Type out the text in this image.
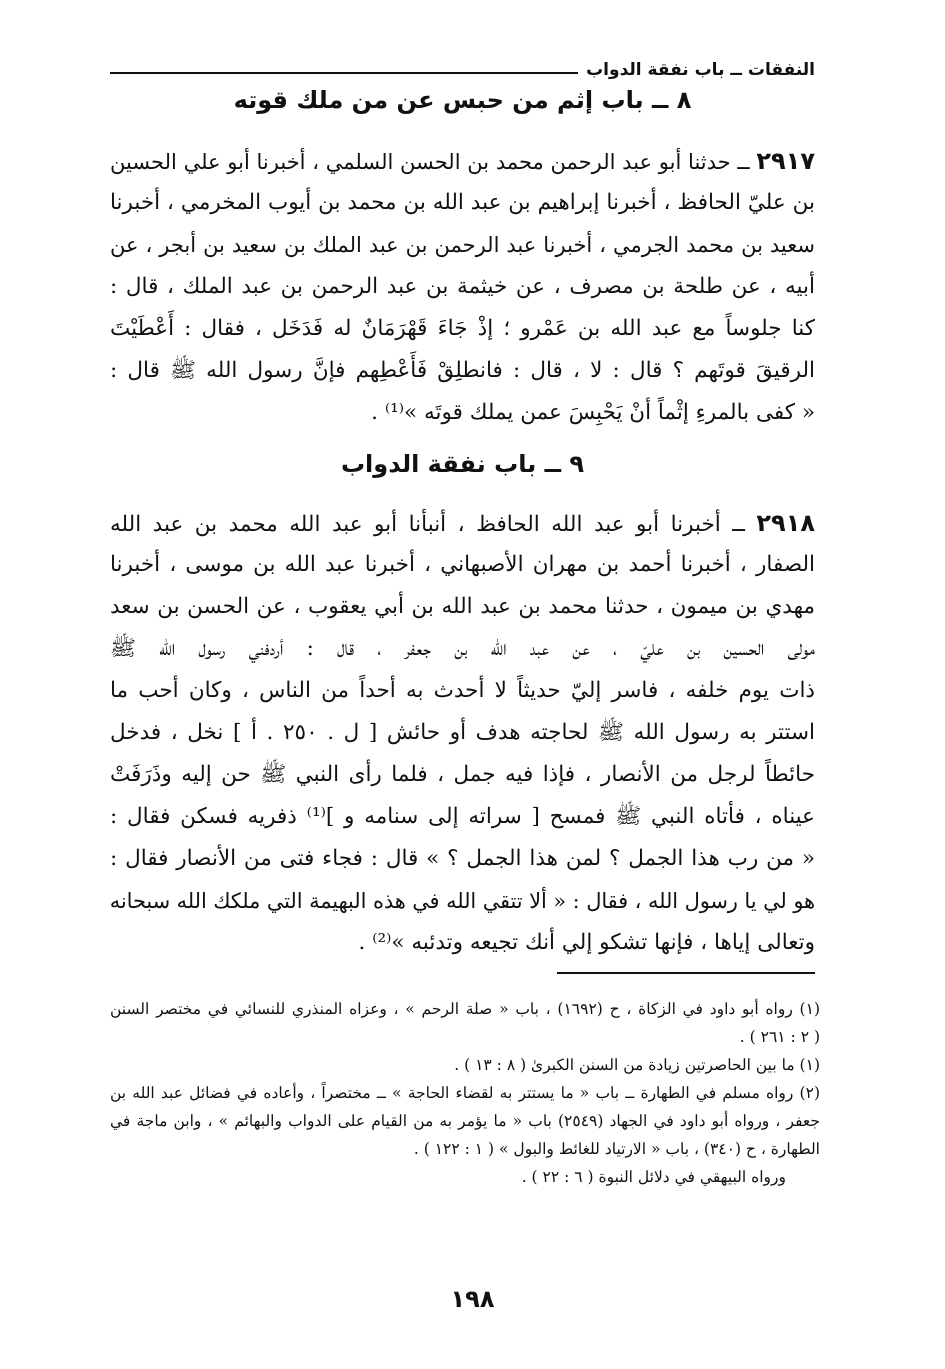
النفقات ــ باب نفقة الدواب
٨ ــ باب إثم من حبس عن من ملك قوته
٢٩١٧ ــ حدثنا أبو عبد الرحمن محمد بن الحسن السلمي ، أخبرنا أبو علي الحسين
بن عليّ الحافظ ، أخبرنا إبراهيم بن عبد الله بن محمد بن أيوب المخرمي ، أخبرنا
سعيد بن محمد الجرمي ، أخبرنا عبد الرحمن بن عبد الملك بن سعيد بن أبجر ، عن
أبيه ، عن طلحة بن مصرف ، عن خيثمة بن عبد الرحمن بن عبد الملك ، قال :
كنا جلوساً مع عبد الله بن عَمْرو ؛ إذْ جَاءَ قَهْرَمَانٌ له فَدَخَل ، فقال : أَعْطَيْتَ
الرقيقَ قوتَهم ؟ قال : لا ، قال : فانطلِقْ فَأَعْطِهم فإنَّ رسول الله ﷺ قال :
« كفى بالمرءِ إثْماً أنْ يَحْبِسَ عمن يملك قوتَه »⁽¹⁾ .
٩ ــ باب نفقة الدواب
٢٩١٨ ــ أخبرنا أبو عبد الله الحافظ ، أنبأنا أبو عبد الله محمد بن عبد الله
الصفار ، أخبرنا أحمد بن مهران الأصبهاني ، أخبرنا عبد الله بن موسى ، أخبرنا
مهدي بن ميمون ، حدثنا محمد بن عبد الله بن أبي يعقوب ، عن الحسن بن سعد
مولى الحسين بن عليّ ، عن عبد الله بن جعفر ، قال : أردفني رسول الله ﷺ
ذات يوم خلفه ، فاسر إليّ حديثاً لا أحدث به أحداً من الناس ، وكان أحب ما
استتر به رسول الله ﷺ لحاجته هدف أو حائش [ ل . ٢٥٠ . أ ] نخل ، فدخل
حائطاً لرجل من الأنصار ، فإذا فيه جمل ، فلما رأى النبي ﷺ حن إليه وذَرَفَتْ
عيناه ، فأتاه النبي ﷺ فمسح [ سراته إلى سنامه و ]⁽¹⁾ ذفريه فسكن فقال :
« من رب هذا الجمل ؟ لمن هذا الجمل ؟ » قال : فجاء فتى من الأنصار فقال :
هو لي يا رسول الله ، فقال : « ألا تتقي الله في هذه البهيمة التي ملكك الله سبحانه
وتعالى إياها ، فإنها تشكو إلي أنك تجيعه وتدئبه »⁽²⁾ .
(١) رواه أبو داود في الزكاة ، ح (١٦٩٢) ، باب « صلة الرحم » ، وعزاه المنذري للنسائي في مختصر السنن
( ٢ : ٢٦١ ) .
(١) ما بين الحاصرتين زيادة من السنن الكبرىٰ ( ٨ : ١٣ ) .
(٢) رواه مسلم في الطهارة ــ باب « ما يستتر به لقضاء الحاجة » ــ مختصراً ، وأعاده في فضائل عبد الله بن
جعفر ، ورواه أبو داود في الجهاد (٢٥٤٩) باب « ما يؤمر به من القيام على الدواب والبهائم » ، وابن ماجة في
الطهارة ، ح (٣٤٠) ، باب « الارتياد للغائط والبول » ( ١ : ١٢٢ ) .
ورواه البيهقي في دلائل النبوة ( ٦ : ٢٢ ) .
١٩٨
